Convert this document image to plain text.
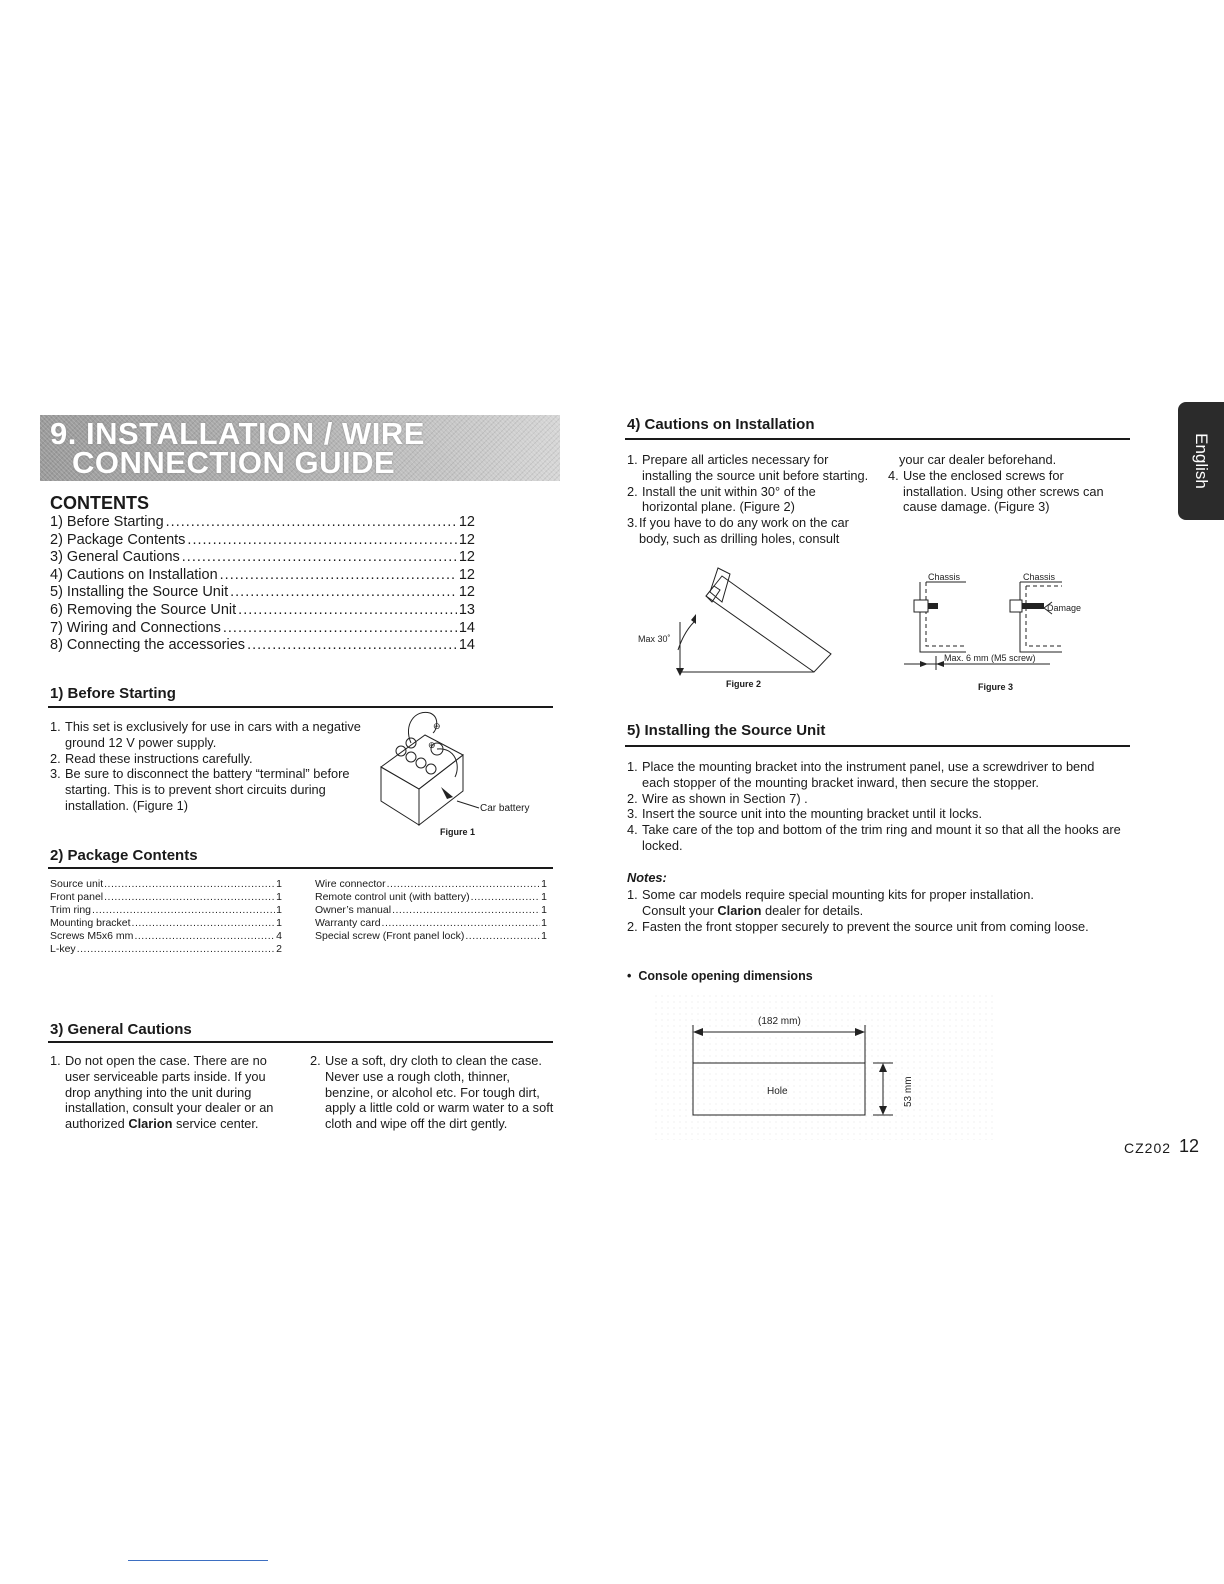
9. INSTALLATION / WIRE
CONNECTION GUIDE
CONTENTS
1) Before Starting .....	12
2) Package Contents .....	12
3) General Cautions .....	12
4) Cautions on Installation .....	12
5) Installing the Source Unit .....	12
6) Removing the Source Unit .....	13
7) Wiring and Connections .....	14
8) Connecting the accessories .....	14
1) Before Starting
1. This set is exclusively for use in cars with a negative ground 12 V power supply.
2. Read these instructions carefully.
3. Be sure to disconnect the battery “terminal” before starting. This is to prevent short circuits during installation. (Figure 1)
⊖
⊕
Car battery
Figure 1
2) Package Contents
Source unit .....	1
Front panel .....	1
Trim ring .....	1
Mounting bracket .....	1
Screws M5x6 mm .....	4
L-key .....	2
Wire connector .....	1
Remote control unit (with battery) .....	1
Owner’s manual .....	1
Warranty card .....	1
Special screw (Front panel lock) .....	1
3) General Cautions
1. Do not open the case. There are no user serviceable parts inside. If you drop anything into the unit during installation, consult your dealer or an authorized Clarion service center.
2. Use a soft, dry cloth to clean the case. Never use a rough cloth, thinner, benzine, or alcohol etc. For tough dirt, apply a little cold or warm water to a soft cloth and wipe off the dirt gently.
4) Cautions on Installation
1. Prepare all articles necessary for installing the source unit before starting.
2. Install the unit within 30° of the horizontal plane. (Figure 2)
3. If you have to do any work on the car body, such as drilling holes, consult
your car dealer beforehand.
4. Use the enclosed screws for installation. Using other screws can cause damage. (Figure 3)
Max 30˚
Figure 2
Chassis	Chassis
Damage
Max. 6 mm (M5 screw)
Figure 3
5) Installing the Source Unit
1. Place the mounting bracket into the instrument panel, use a screwdriver to bend each stopper of the mounting bracket inward, then secure the stopper.
2. Wire as shown in Section 7) .
3. Insert the source unit into the mounting bracket until it locks.
4. Take care of the top and bottom of the trim ring and mount it so that all the hooks are locked.
Notes:
1. Some car models require special mounting kits for proper installation.
Consult your Clarion dealer for details.
2. Fasten the front stopper securely to prevent the source unit from coming loose.
• Console opening dimensions
(182 mm)
Hole	53 mm
CZ202 12
English
